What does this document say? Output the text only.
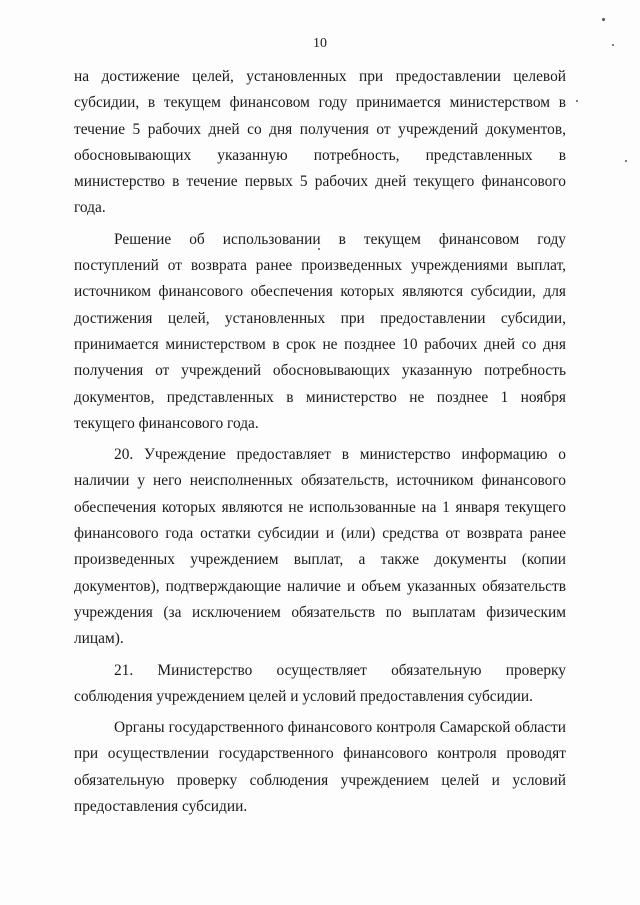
10

на достижение целей, установленных при предоставлении целевой субсидии, в текущем финансовом году принимается министерством в течение 5 рабочих дней со дня получения от учреждений документов, обосновывающих указанную потребность, представленных в министерство в течение первых 5 рабочих дней текущего финансового года.

Решение об использовании в текущем финансовом году поступлений от возврата ранее произведенных учреждениями выплат, источником финансового обеспечения которых являются субсидии, для достижения целей, установленных при предоставлении субсидии, принимается министерством в срок не позднее 10 рабочих дней со дня получения от учреждений обосновывающих указанную потребность документов, представленных в министерство не позднее 1 ноября текущего финансового года.

20. Учреждение предоставляет в министерство информацию о наличии у него неисполненных обязательств, источником финансового обеспечения которых являются не использованные на 1 января текущего финансового года остатки субсидии и (или) средства от возврата ранее произведенных учреждением выплат, а также документы (копии документов), подтверждающие наличие и объем указанных обязательств учреждения (за исключением обязательств по выплатам физическим лицам).

21. Министерство осуществляет обязательную проверку соблюдения учреждением целей и условий предоставления субсидии.

Органы государственного финансового контроля Самарской области при осуществлении государственного финансового контроля проводят обязательную проверку соблюдения учреждением целей и условий предоставления субсидии.
